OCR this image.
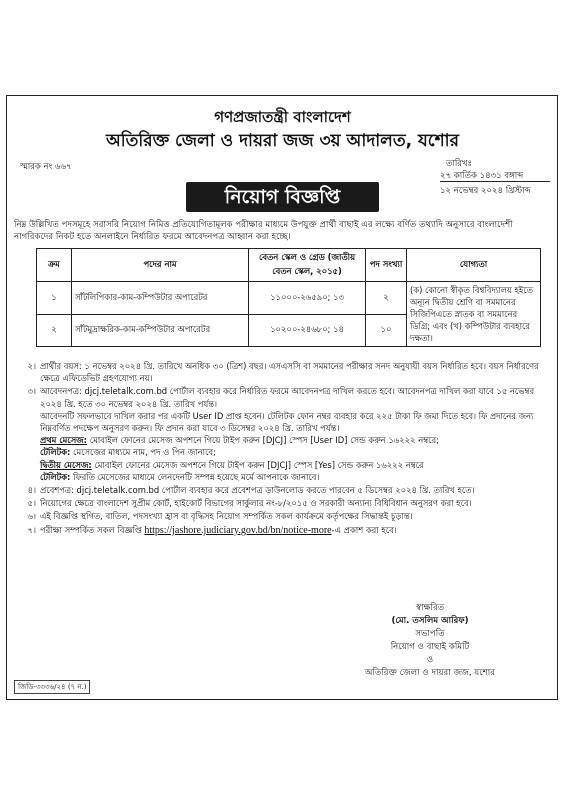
গণপ্রজাতন্ত্রী বাংলাদেশ
অতিরিক্ত জেলা ও দায়রা জজ ৩য় আদালত, যশোর
স্মারক নং ৬৬৭	তারিখঃ
২৭ কার্তিক ১৪৩১ বঙ্গাব্দ
১২ নভেম্বর ২০২৪ খ্রিস্টাব্দ
নিয়োগ বিজ্ঞপ্তি
নিম্ন উল্লিখিত পদসমূহে সরাসরি নিয়োগ নিমিত্ত প্রতিযোগিতামূলক পরীক্ষার মাধ্যমে উপযুক্ত প্রার্থী বাছাই এর লক্ষ্যে বর্ণিত তথ্যাদি অনুসারে বাংলাদেশী নাগরিকদের নিকট হতে অনলাইনে নির্ধারিত ফরমে আবেদনপত্র আহ্বান করা হচ্ছে।
ক্রম	পদের নাম	বেতন স্কেল ও গ্রেড (জাতীয় বেতন স্কেল, ২০১৫)	পদ সংখ্যা	যোগ্যতা
১	সাঁটলিপিকার-কাম-কম্পিউটার অপারেটর	১১০০০-২৬৫৯০; ১৩	২	(ক) কোনো স্বীকৃত বিশ্ববিদ্যালয় হইতে অন্যূন দ্বিতীয় শ্রেণি বা সমমানের সিজিপিএতে স্নাতক বা সমমানের ডিগ্রি; এবং (খ) কম্পিউটার ব্যবহারে দক্ষতা।
২	সাঁটমুদ্রাক্ষরিক-কাম-কম্পিউটার অপারেটর	১০২০০-২৪৬৮০; ১৪	১০	
২। প্রার্থীর বয়স: ১ নভেম্বর ২০২৪ খ্রি. তারিখে অনধিক ৩০ (ত্রিশ) বছর। এসএসসি বা সমমানের পরীক্ষার সনদ অনুযায়ী বয়স নির্ধারিত হবে। বয়স নির্ধারণের ক্ষেত্রে এফিডেভিট গ্রহণযোগ্য নয়।
৩। আবেদনপত্র: djcj.teletalk.com.bd পোর্টাল ব্যবহার করে নির্ধারিত ফরমে আবেদনপত্র দাখিল করতে হবে। আবেদনপত্র দাখিল করা যাবে ১৫ নভেম্বর ২০২৪ খ্রি. হতে ৩০ নভেম্বর ২০২৪ খ্রি. তারিখ পর্যন্ত।
আবেদনটি সফলভাবে দাখিল করার পর একটি User ID প্রাপ্ত হবেন। টেলিটক ফোন নম্বর ব্যবহার করে ২২৫ টাকা ফি জমা দিতে হবে। ফি প্রদানের জন্য নিম্নবর্ণিত পদক্ষেপ অনুসরণ করুন। ফি প্রদান করা যাবে ৩ ডিসেম্বর ২০২৪ খ্রি. তারিখ পর্যন্ত।
প্রথম মেসেজ: মোবাইল ফোনের মেসেজ অপশনে গিয়ে টাইপ করুন [DJCJ] স্পেস [User ID] সেন্ড করুন ১৬২২২ নম্বরে;
টেলিটক: মেসেজের মাধ্যমে নাম, পদ ও পিন জানাবে;
দ্বিতীয় মেসেজ: মোবাইল ফোনের মেসেজ অপশনে গিয়ে টাইপ করুন [DJCJ] স্পেস [Yes] সেন্ড করুন ১৬২২২ নম্বরে
টেলিটক: ফিরতি মেসেজের মাধ্যমে লেনদেনটি সম্পন্ন হয়েছে মর্মে আপনাকে জানাবে।
৪। প্রবেশপত্র: djcj.teletalk.com.bd পোর্টাল ব্যবহার করে প্রবেশপত্র ডাউনলোড করতে পারবেন ৫ ডিসেম্বর ২০২৪ খ্রি. তারিখ হতে।
৫। নিয়োগের ক্ষেত্রে বাংলাদেশ সুপ্রীম কোর্ট, হাইকোর্ট বিভাগের সার্কুলার নং-৮/২০১৫ ও সরকারী অন্যান্য বিধিবিধান অনুসরণ করা হবে।
৬। এই বিজ্ঞপ্তি স্থগিত, বাতিল, পদসংখ্যা হ্রাস বা বৃদ্ধিসহ নিয়োগ সম্পর্কিত সকল কার্যক্রমে কর্তৃপক্ষের সিদ্ধান্তই চূড়ান্ত।
৭। পরীক্ষা সম্পর্কিত সকল বিজ্ঞপ্তি https://jashore.judiciary.gov.bd/bn/notice-more-এ প্রকাশ করা হবে।
স্বাক্ষরিত
(মো. তসলিম আরিফ)
সভাপতি
নিয়োগ ও বাছাই কমিটি
ও
অতিরিক্ত জেলা ও দায়রা জজ, যশোর
জিডি-৩৩৩৬/২৪ (৭ ন.)
